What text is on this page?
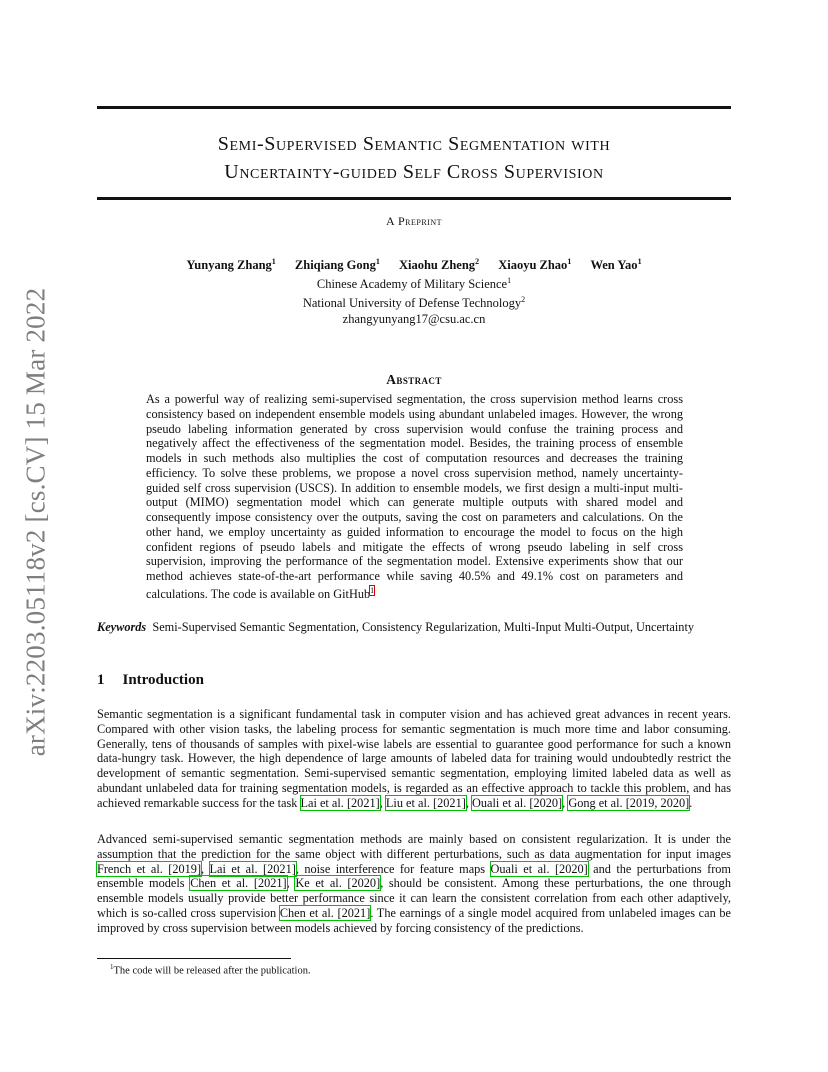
arXiv:2203.05118v2 [cs.CV] 15 Mar 2022
Semi-Supervised Semantic Segmentation with
Uncertainty-guided Self Cross Supervision
A Preprint
Yunyang Zhang$^1$ Zhiqiang Gong$^1$ Xiaohu Zheng$^2$ Xiaoyu Zhao$^1$ Wen Yao$^1$
Chinese Academy of Military Science$^1$
National University of Defense Technology$^2$
zhangyunyang17@csu.ac.cn
Abstract
As a powerful way of realizing semi-supervised segmentation, the cross supervision method learns cross consistency based on independent ensemble models using abundant unlabeled images. However, the wrong pseudo labeling information generated by cross supervision would confuse the training process and negatively affect the effectiveness of the segmentation model. Besides, the training process of ensemble models in such methods also multiplies the cost of computation resources and decreases the training efficiency. To solve these problems, we propose a novel cross supervision method, namely uncertainty-guided self cross supervision (USCS). In addition to ensemble models, we first design a multi-input multi-output (MIMO) segmentation model which can generate multiple outputs with shared model and consequently impose consistency over the outputs, saving the cost on parameters and calculations. On the other hand, we employ uncertainty as guided information to encourage the model to focus on the high confident regions of pseudo labels and mitigate the effects of wrong pseudo labeling in self cross supervision, improving the performance of the segmentation model. Extensive experiments show that our method achieves state-of-the-art performance while saving 40.5% and 49.1% cost on parameters and calculations. The code is available on GitHub$^1$
Keywords Semi-Supervised Semantic Segmentation, Consistency Regularization, Multi-Input Multi-Output, Uncertainty
1 Introduction

Semantic segmentation is a significant fundamental task in computer vision and has achieved great advances in recent years. Compared with other vision tasks, the labeling process for semantic segmentation is much more time and labor consuming. Generally, tens of thousands of samples with pixel-wise labels are essential to guarantee good performance for such a known data-hungry task. However, the high dependence of large amounts of labeled data for training would undoubtedly restrict the development of semantic segmentation. Semi-supervised semantic segmentation, employing limited labeled data as well as abundant unlabeled data for training segmentation models, is regarded as an effective approach to tackle this problem, and has achieved remarkable success for the task Lai et al. [2021], Liu et al. [2021], Ouali et al. [2020], Gong et al. [2019, 2020].

Advanced semi-supervised semantic segmentation methods are mainly based on consistent regularization. It is under the assumption that the prediction for the same object with different perturbations, such as data augmentation for input images French et al. [2019], Lai et al. [2021], noise interference for feature maps Ouali et al. [2020] and the perturbations from ensemble models Chen et al. [2021], Ke et al. [2020], should be consistent. Among these perturbations, the one through ensemble models usually provide better performance since it can learn the consistent correlation from each other adaptively, which is so-called cross supervision Chen et al. [2021]. The earnings of a single model acquired from unlabeled images can be improved by cross supervision between models achieved by forcing consistency of the predictions.

$^1$The code will be released after the publication.
